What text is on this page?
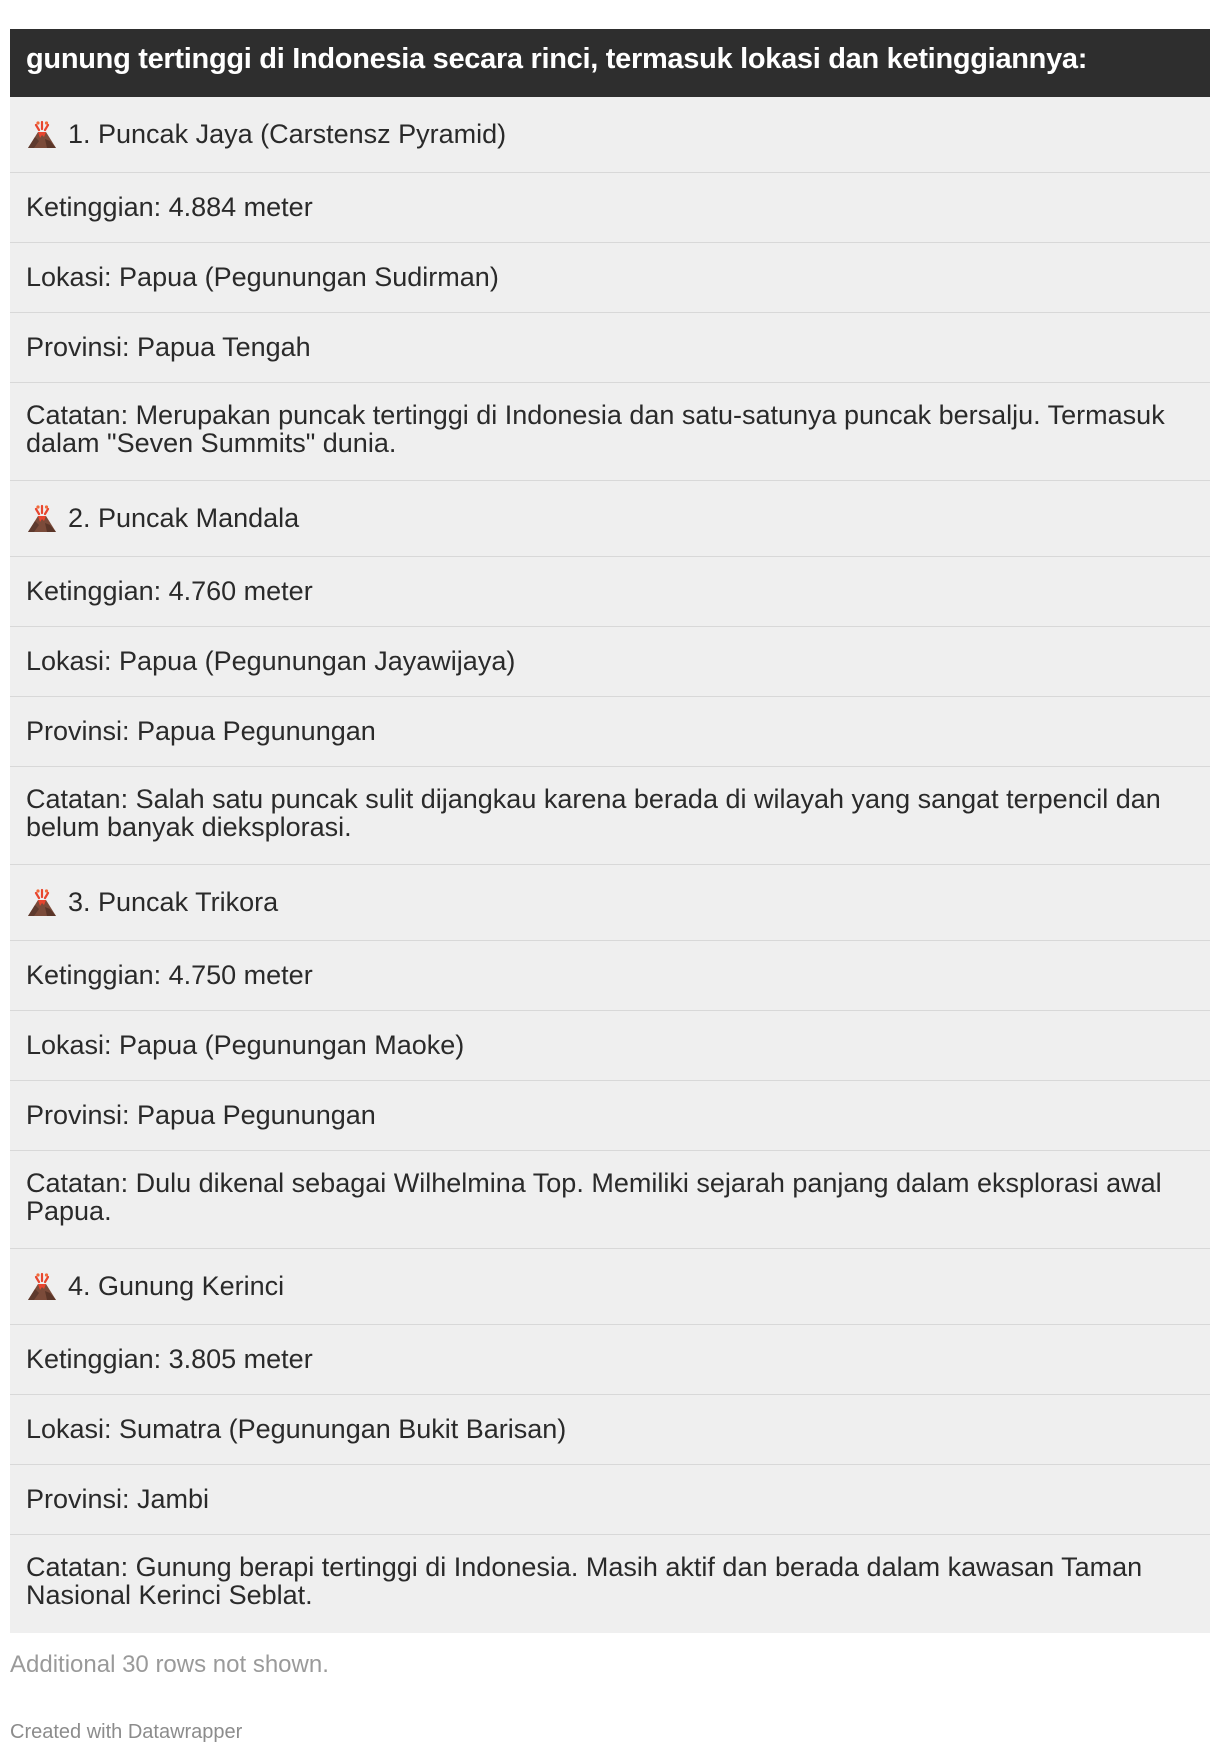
gunung tertinggi di Indonesia secara rinci, termasuk lokasi dan ketinggiannya:
1. Puncak Jaya (Carstensz Pyramid)
Ketinggian: 4.884 meter
Lokasi: Papua (Pegunungan Sudirman)
Provinsi: Papua Tengah
Catatan: Merupakan puncak tertinggi di Indonesia dan satu-satunya puncak bersalju. Termasuk dalam "Seven Summits" dunia.
2. Puncak Mandala
Ketinggian: 4.760 meter
Lokasi: Papua (Pegunungan Jayawijaya)
Provinsi: Papua Pegunungan
Catatan: Salah satu puncak sulit dijangkau karena berada di wilayah yang sangat terpencil dan belum banyak dieksplorasi.
3. Puncak Trikora
Ketinggian: 4.750 meter
Lokasi: Papua (Pegunungan Maoke)
Provinsi: Papua Pegunungan
Catatan: Dulu dikenal sebagai Wilhelmina Top. Memiliki sejarah panjang dalam eksplorasi awal Papua.
4. Gunung Kerinci
Ketinggian: 3.805 meter
Lokasi: Sumatra (Pegunungan Bukit Barisan)
Provinsi: Jambi
Catatan: Gunung berapi tertinggi di Indonesia. Masih aktif dan berada dalam kawasan Taman Nasional Kerinci Seblat.
Additional 30 rows not shown.
Created with Datawrapper
